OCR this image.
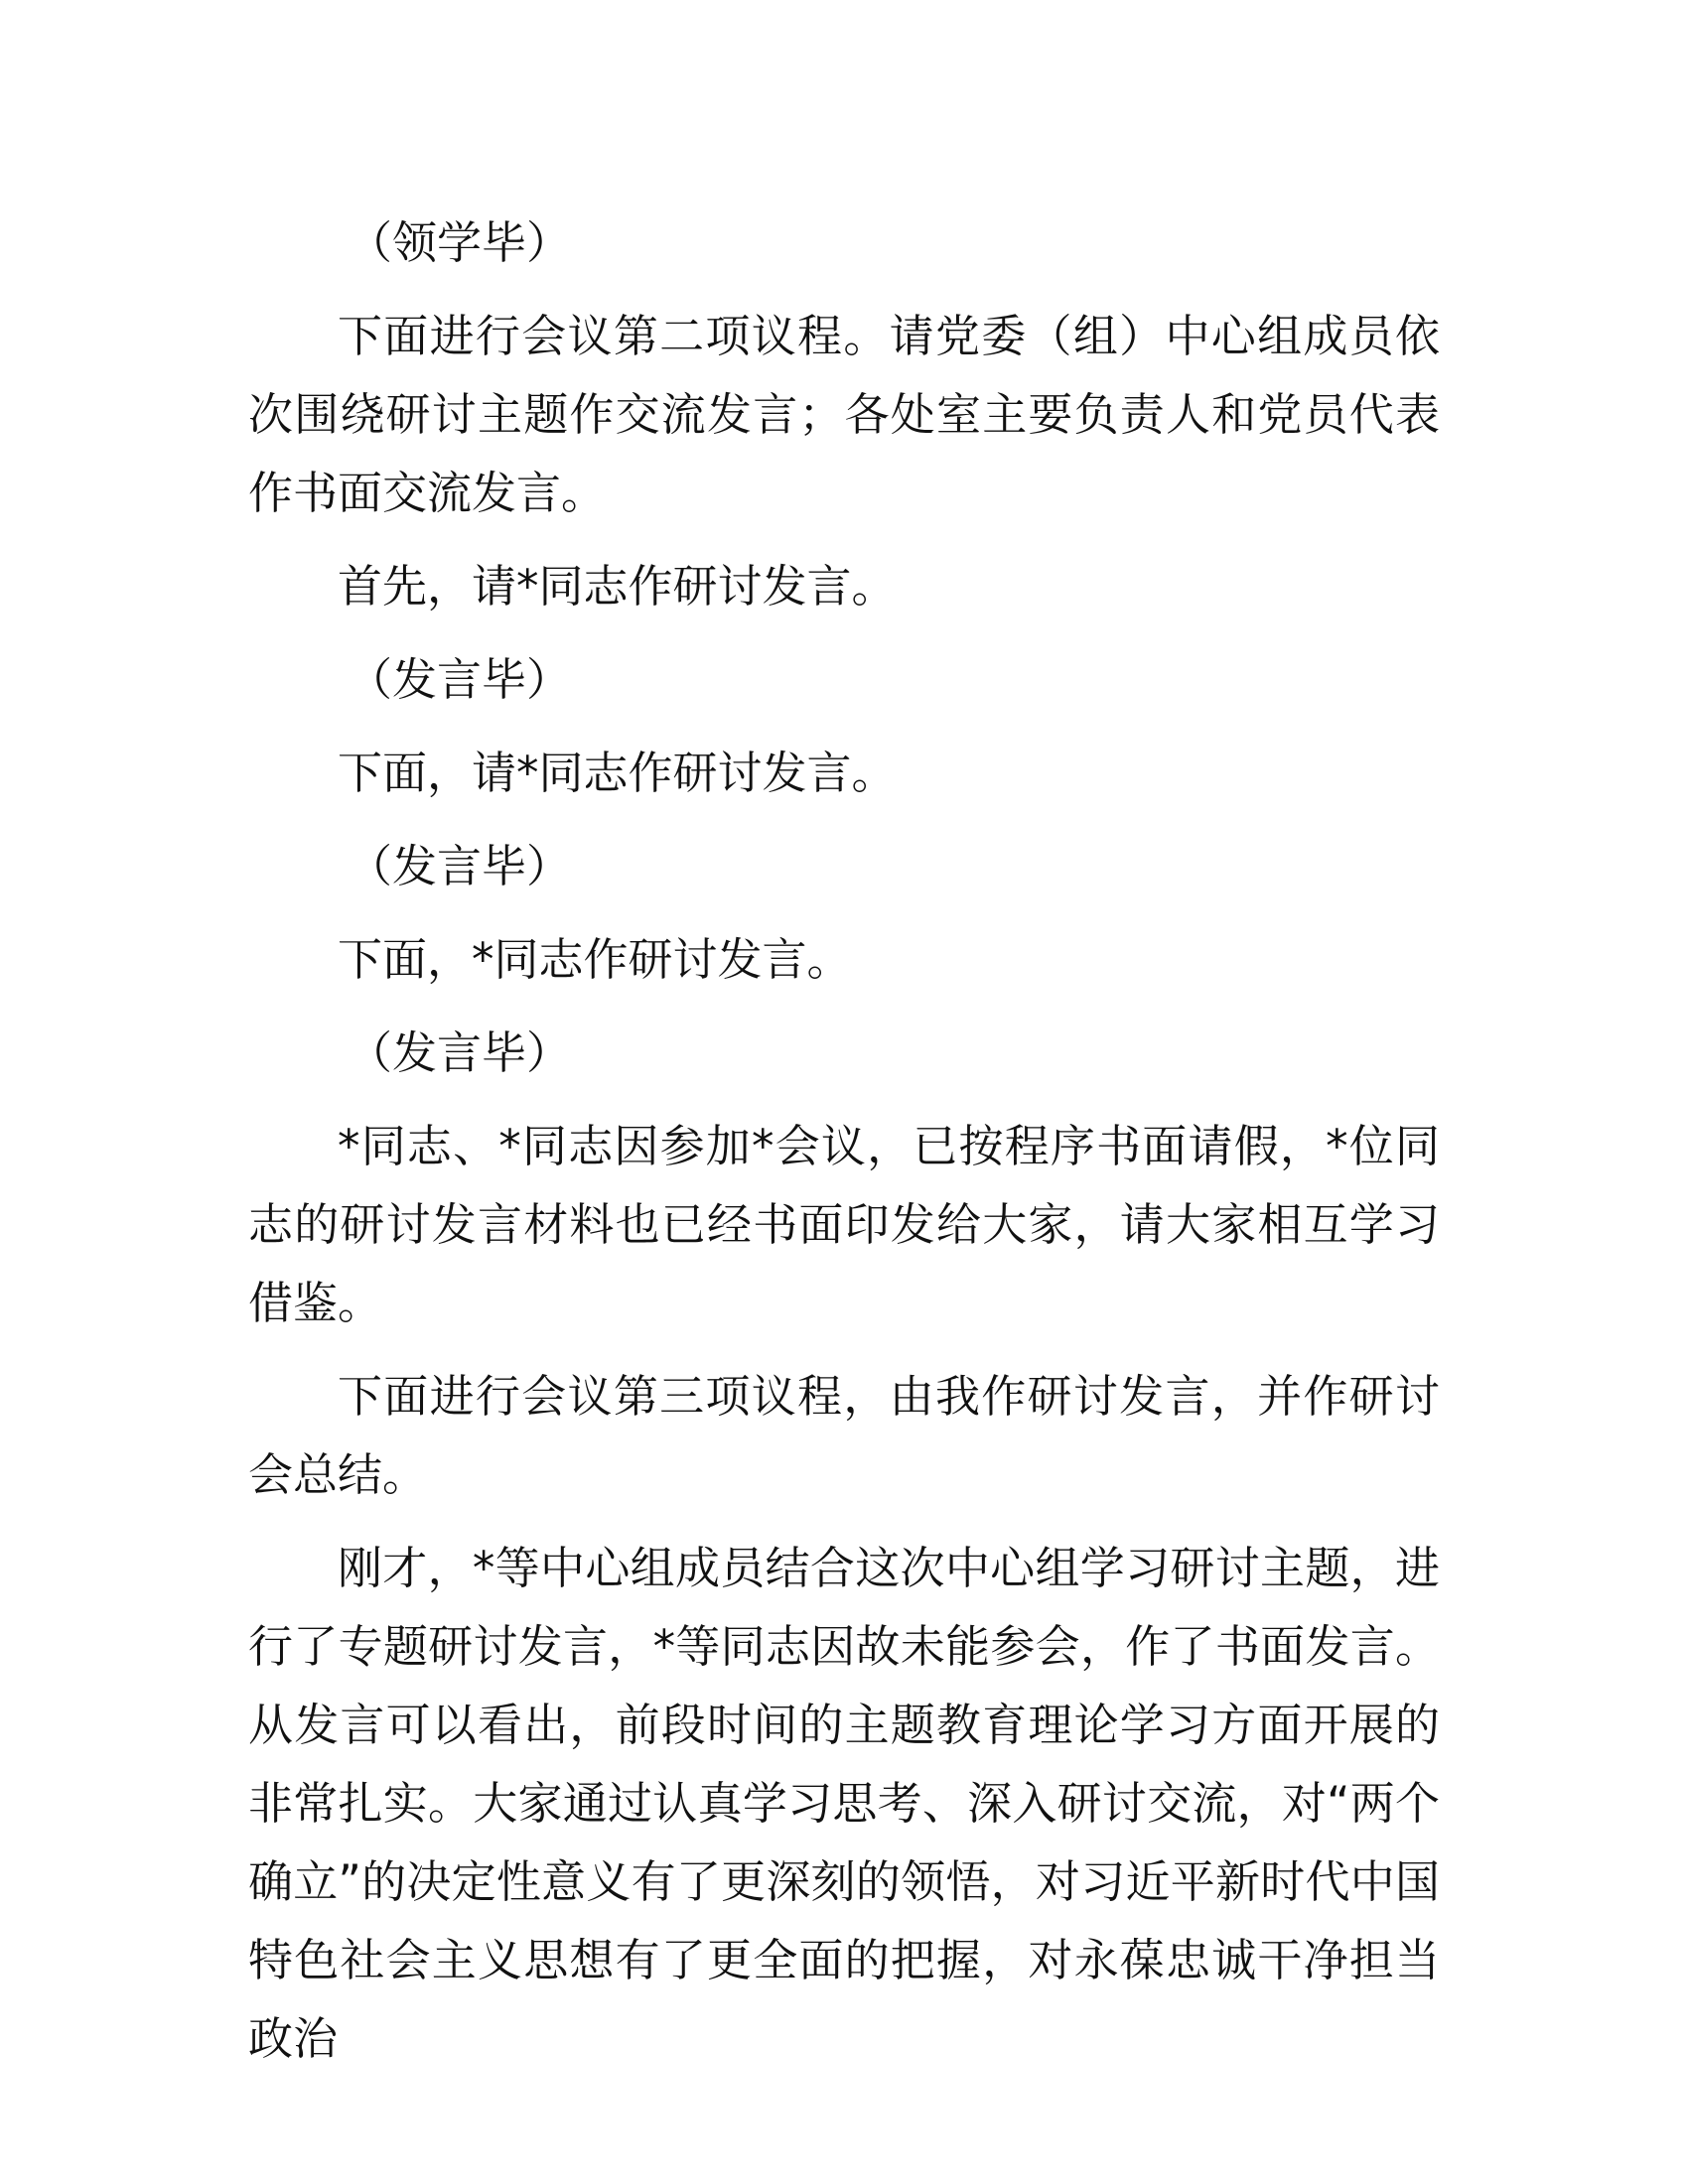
（领学毕）

下面进行会议第二项议程。请党委（组）中心组成员依次围绕研讨主题作交流发言；各处室主要负责人和党员代表作书面交流发言。

首先，请*同志作研讨发言。

（发言毕）

下面，请*同志作研讨发言。

（发言毕）

下面，*同志作研讨发言。

（发言毕）

*同志、*同志因参加*会议，已按程序书面请假，*位同志的研讨发言材料也已经书面印发给大家，请大家相互学习借鉴。

下面进行会议第三项议程，由我作研讨发言，并作研讨会总结。

刚才，*等中心组成员结合这次中心组学习研讨主题，进行了专题研讨发言，*等同志因故未能参会，作了书面发言。从发言可以看出，前段时间的主题教育理论学习方面开展的非常扎实。大家通过认真学习思考、深入研讨交流，对“两个确立”的决定性意义有了更深刻的领悟，对习近平新时代中国特色社会主义思想有了更全面的把握，对永葆忠诚干净担当政治
